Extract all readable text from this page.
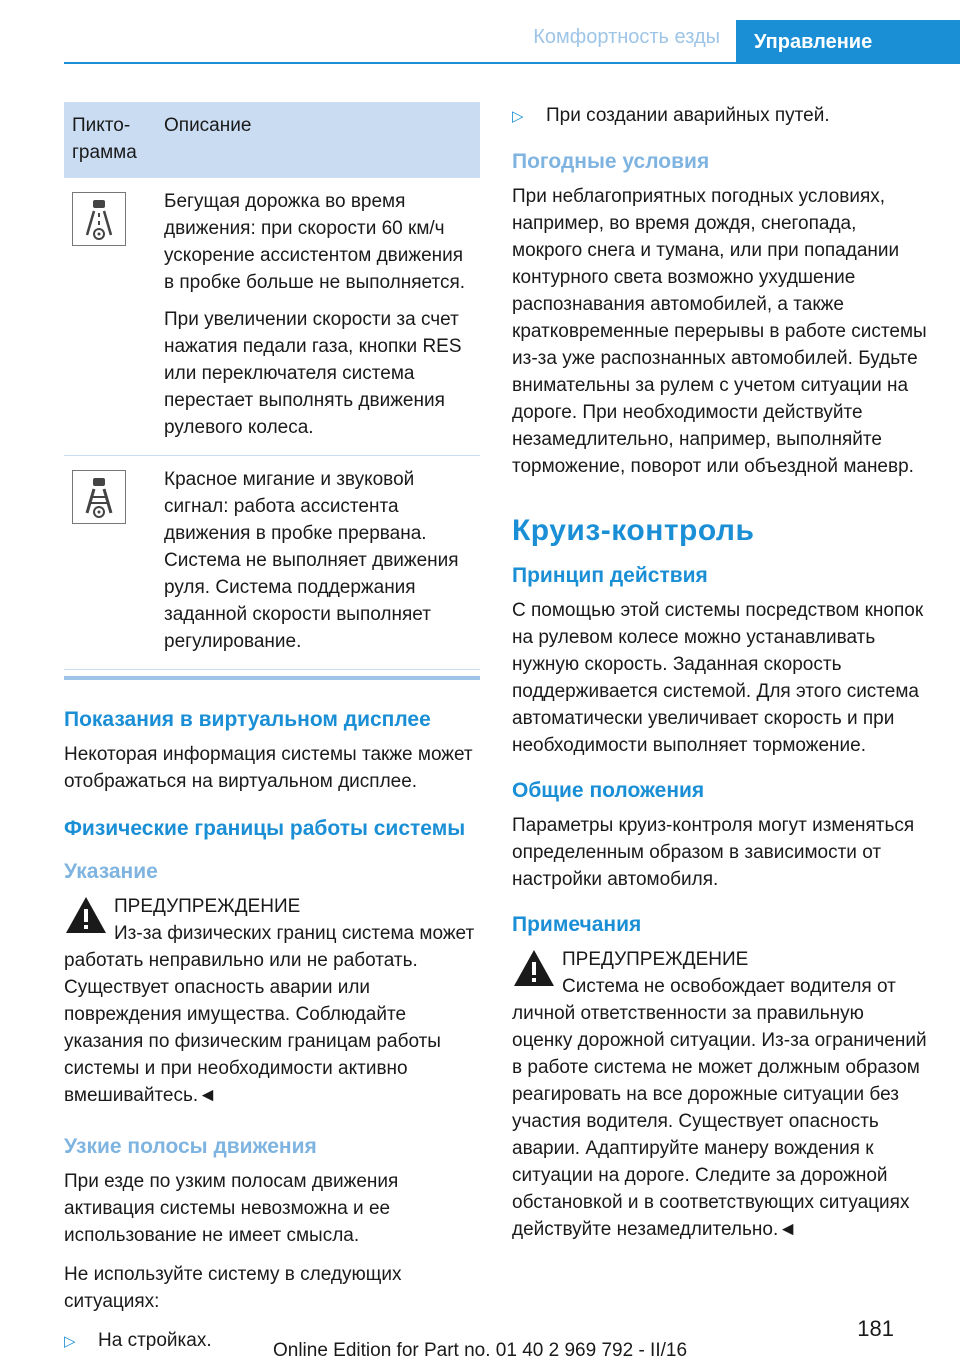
Комфортность езды	Управление
Пикто-грамма	Описание

Бегущая дорожка во время движения: при скорости 60 км/ч ускорение ассистентом движения в пробке больше не выполняется.

При увеличении скорости за счет нажатия педали газа, кнопки RES или переключателя система перестает выполнять движения рулевого колеса.

Красное мигание и звуковой сигнал: работа ассистента движения в пробке прервана. Система не выполняет движения руля. Система поддержания заданной скорости выполняет регулирование.

Показания в виртуальном дисплее

Некоторая информация системы также может отображаться на виртуальном дисплее.

Физические границы работы системы
Указание
ПРЕДУПРЕЖДЕНИЕ
Из-за физических границ система может работать неправильно или не работать. Существует опасность аварии или повреждения имущества. Соблюдайте указания по физическим границам работы системы и при необходимости активно вмешивайтесь.◄
Узкие полосы движения

При езде по узким полосам движения активация системы невозможна и ее использование не имеет смысла.

Не используйте систему в следующих ситуациях:

▷	На стройках.
▷	При создании аварийных путей.
Погодные условия

При неблагоприятных погодных условиях, например, во время дождя, снегопада, мокрого снега и тумана, или при попадании контурного света возможно ухудшение распознавания автомобилей, а также кратковременные перерывы в работе системы из-за уже распознанных автомобилей. Будьте внимательны за рулем с учетом ситуации на дороге. При необходимости действуйте незамедлительно, например, выполняйте торможение, поворот или объездной маневр.

Круиз-контроль
Принцип действия

С помощью этой системы посредством кнопок на рулевом колесе можно устанавливать нужную скорость. Заданная скорость поддерживается системой. Для этого система автоматически увеличивает скорость и при необходимости выполняет торможение.

Общие положения

Параметры круиз-контроля могут изменяться определенным образом в зависимости от настройки автомобиля.

Примечания
ПРЕДУПРЕЖДЕНИЕ
Система не освобождает водителя от личной ответственности за правильную оценку дорожной ситуации. Из-за ограничений в работе система не может должным образом реагировать на все дорожные ситуации без участия водителя. Существует опасность аварии. Адаптируйте манеру вождения к ситуации на дороге. Следите за дорожной обстановкой и в соответствующих ситуациях действуйте незамедлительно.◄
181
Online Edition for Part no. 01 40 2 969 792 - II/16
